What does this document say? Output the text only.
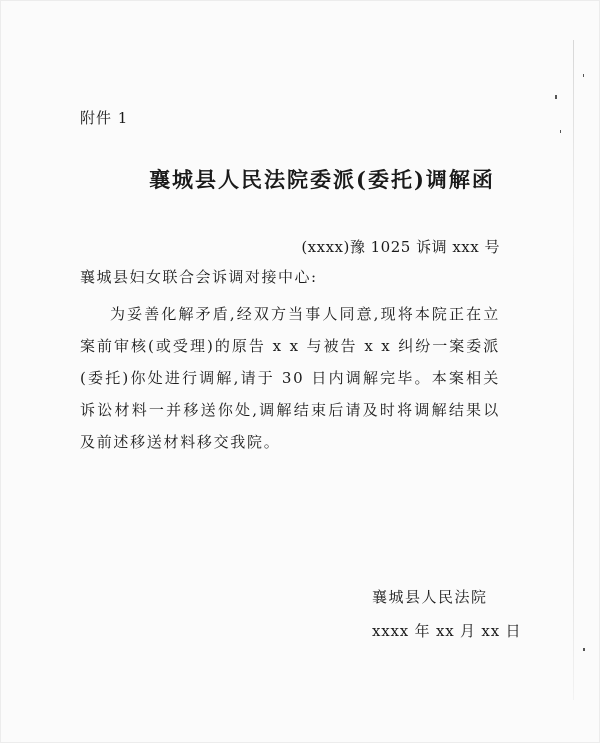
附件 1
襄城县人民法院委派(委托)调解函
(xxxx)豫 1025 诉调 xxx 号
襄城县妇女联合会诉调对接中心:

为妥善化解矛盾,经双方当事人同意,现将本院正在立案前审核(或受理)的原告 x x 与被告 x x 纠纷一案委派(委托)你处进行调解,请于 30 日内调解完毕。本案相关诉讼材料一并移送你处,调解结束后请及时将调解结果以及前述移送材料移交我院。

襄城县人民法院
xxxx 年 xx 月 xx 日
